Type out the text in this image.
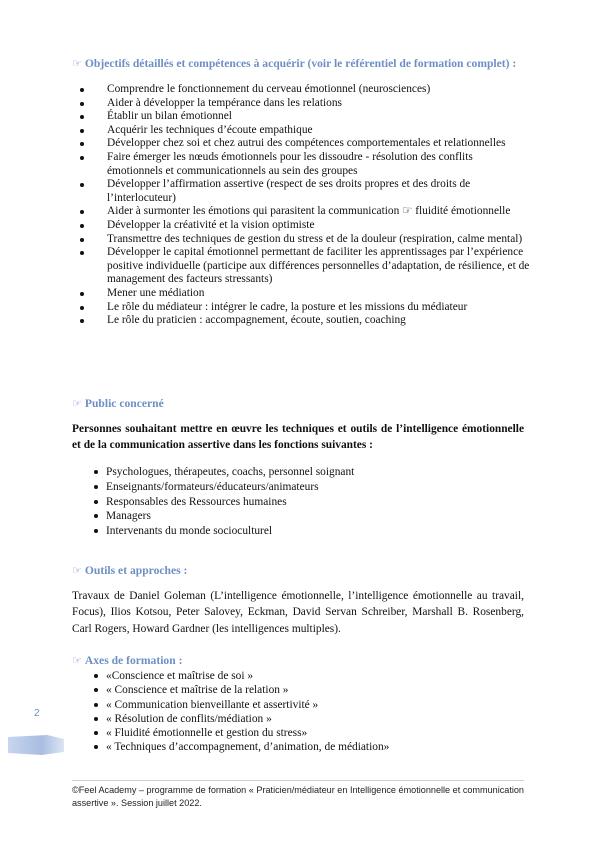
☞ Objectifs détaillés et compétences à acquérir (voir le référentiel de formation complet) :
Comprendre le fonctionnement du cerveau émotionnel (neurosciences)
Aider à développer la tempérance dans les relations
Établir un bilan émotionnel
Acquérir les techniques d’écoute empathique
Développer chez soi et chez autrui des compétences comportementales et relationnelles
Faire émerger les nœuds émotionnels pour les dissoudre - résolution des conflits émotionnels et communicationnels au sein des groupes
Développer l’affirmation assertive (respect de ses droits propres et des droits de l’interlocuteur)
Aider à surmonter les émotions qui parasitent la communication ☞ fluidité émotionnelle
Développer la créativité et la vision optimiste
Transmettre des techniques de gestion du stress et de la douleur (respiration, calme mental)
Développer le capital émotionnel permettant de faciliter les apprentissages par l’expérience positive individuelle (participe aux différences personnelles d’adaptation, de résilience, et de management des facteurs stressants)
Mener une médiation
Le rôle du médiateur : intégrer le cadre, la posture et les missions du médiateur
Le rôle du praticien : accompagnement, écoute, soutien, coaching
☞ Public concerné
Personnes souhaitant mettre en œuvre les techniques et outils de l’intelligence émotionnelle et de la communication assertive dans les fonctions suivantes :
Psychologues, thérapeutes, coachs, personnel soignant
Enseignants/formateurs/éducateurs/animateurs
Responsables des Ressources humaines
Managers
Intervenants du monde socioculturel
☞ Outils et approches :
Travaux de Daniel Goleman (L’intelligence émotionnelle, l’intelligence émotionnelle au travail, Focus), Ilios Kotsou, Peter Salovey, Eckman, David Servan Schreiber, Marshall B. Rosenberg, Carl Rogers, Howard Gardner (les intelligences multiples).
☞ Axes de formation :
«Conscience et maîtrise de soi »
« Conscience et maîtrise de la relation »
« Communication bienveillante et assertivité »
« Résolution de conflits/médiation »
« Fluidité émotionnelle et gestion du stress»
« Techniques d’accompagnement, d’animation, de médiation»
2
©Feel Academy – programme de formation « Praticien/médiateur en Intelligence émotionnelle et communication assertive ». Session juillet 2022.
